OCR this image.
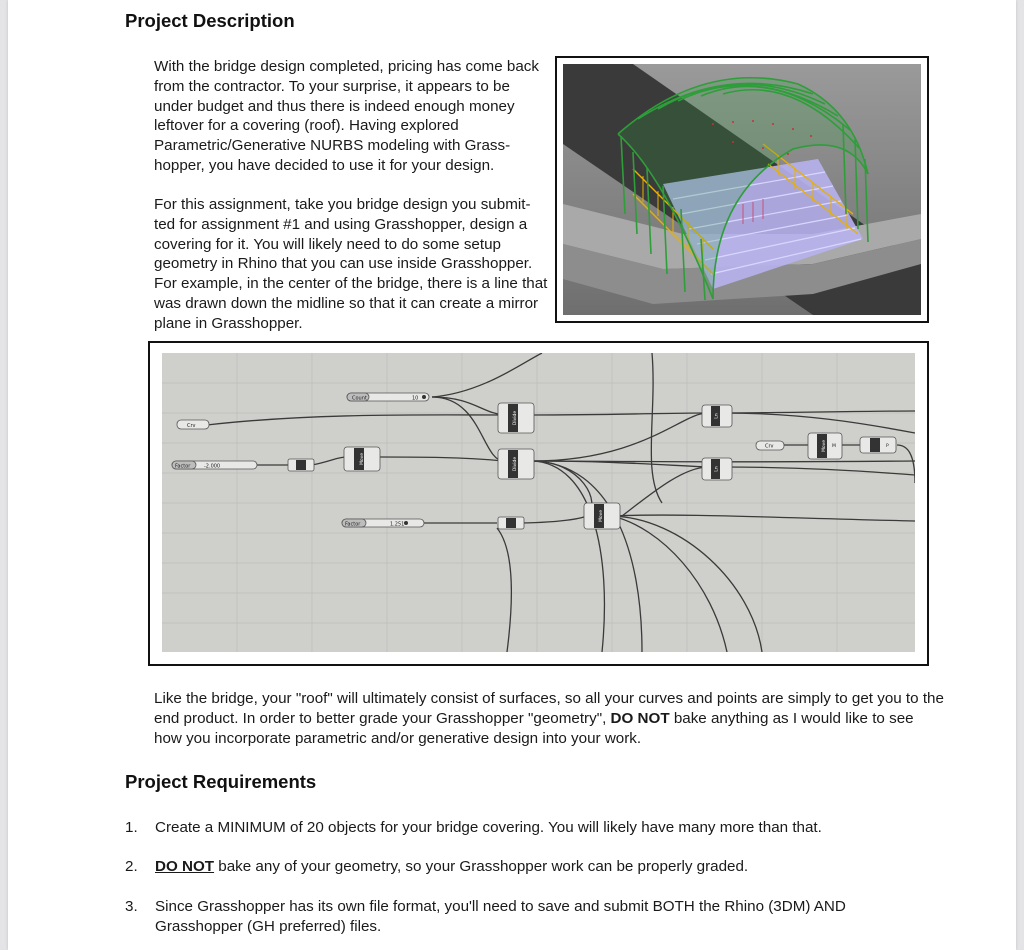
Project Description
With the bridge design completed, pricing has come back from the contractor. To your surprise, it appears to be under budget and thus there is indeed enough money leftover for a covering (roof). Having explored Parametric/Generative NURBS modeling with Grass-hopper, you have decided to use it for your design.
For this assignment, take you bridge design you submit-ted for assignment #1 and using Grasshopper, design a covering for it. You will likely need to do some setup geometry in Rhino that you can use inside Grasshopper. For example, in the center of the bridge, there is a line that was drawn down the midline so that it can create a mirror plane in Grasshopper.
Count	10
Crv
Factor	-2.000
Move
Divide
Divide
Factor	1.251
Move
Ln
Ln
Crv	Move M	P
Like the bridge, your "roof" will ultimately consist of surfaces, so all your curves and points are simply to get you to the end product. In order to better grade your Grasshopper "geometry", DO NOT bake anything as I would like to see how you incorporate parametric and/or generative design into your work.
Project Requirements
1.	Create a MINIMUM of 20 objects for your bridge covering. You will likely have many more than that.
2.	DO NOT bake any of your geometry, so your Grasshopper work can be properly graded.
3.	Since Grasshopper has its own file format, you'll need to save and submit BOTH the Rhino (3DM) AND Grasshopper (GH preferred) files.
